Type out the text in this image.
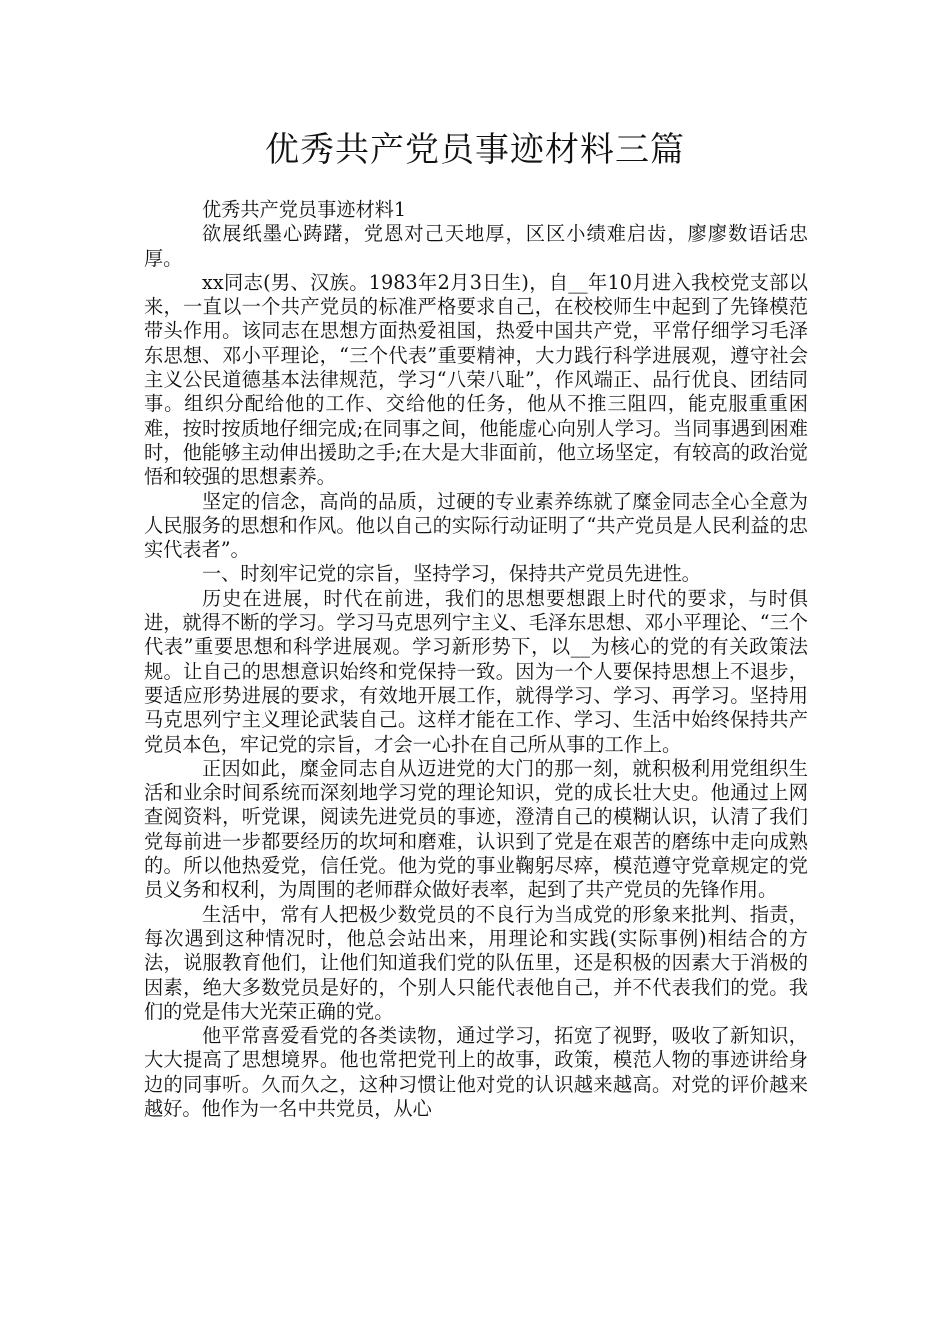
优秀共产党员事迹材料三篇

优秀共产党员事迹材料1

欲展纸墨心踌躇，党恩对己天地厚，区区小绩难启齿，廖廖数语话忠厚。

xx同志(男、汉族。1983年2月3日生)，自__年10月进入我校党支部以来，一直以一个共产党员的标准严格要求自己，在校校师生中起到了先锋模范带头作用。该同志在思想方面热爱祖国，热爱中国共产党，平常仔细学习毛泽东思想、邓小平理论，“三个代表”重要精神，大力践行科学进展观，遵守社会主义公民道德基本法律规范，学习“八荣八耻”，作风端正、品行优良、团结同事。组织分配给他的工作、交给他的任务，他从不推三阻四，能克服重重困难，按时按质地仔细完成;在同事之间，他能虚心向别人学习。当同事遇到困难时，他能够主动伸出援助之手;在大是大非面前，他立场坚定，有较高的政治觉悟和较强的思想素养。

坚定的信念，高尚的品质，过硬的专业素养练就了糜金同志全心全意为人民服务的思想和作风。他以自己的实际行动证明了“共产党员是人民利益的忠实代表者”。

一、时刻牢记党的宗旨，坚持学习，保持共产党员先进性。

历史在进展，时代在前进，我们的思想要想跟上时代的要求，与时俱进，就得不断的学习。学习马克思列宁主义、毛泽东思想、邓小平理论、“三个代表”重要思想和科学进展观。学习新形势下，以__为核心的党的有关政策法规。让自己的思想意识始终和党保持一致。因为一个人要保持思想上不退步，要适应形势进展的要求，有效地开展工作，就得学习、学习、再学习。坚持用马克思列宁主义理论武装自己。这样才能在工作、学习、生活中始终保持共产党员本色，牢记党的宗旨，才会一心扑在自己所从事的工作上。

正因如此，糜金同志自从迈进党的大门的那一刻，就积极利用党组织生活和业余时间系统而深刻地学习党的理论知识，党的成长壮大史。他通过上网查阅资料，听党课，阅读先进党员的事迹，澄清自己的模糊认识，认清了我们党每前进一步都要经历的坎坷和磨难，认识到了党是在艰苦的磨练中走向成熟的。所以他热爱党，信任党。他为党的事业鞠躬尽瘁，模范遵守党章规定的党员义务和权利，为周围的老师群众做好表率，起到了共产党员的先锋作用。

生活中，常有人把极少数党员的不良行为当成党的形象来批判、指责，每次遇到这种情况时，他总会站出来，用理论和实践(实际事例)相结合的方法，说服教育他们，让他们知道我们党的队伍里，还是积极的因素大于消极的因素，绝大多数党员是好的，个别人只能代表他自己，并不代表我们的党。我们的党是伟大光荣正确的党。

他平常喜爱看党的各类读物，通过学习，拓宽了视野，吸收了新知识，大大提高了思想境界。他也常把党刊上的故事，政策，模范人物的事迹讲给身边的同事听。久而久之，这种习惯让他对党的认识越来越高。对党的评价越来越好。他作为一名中共党员，从心
